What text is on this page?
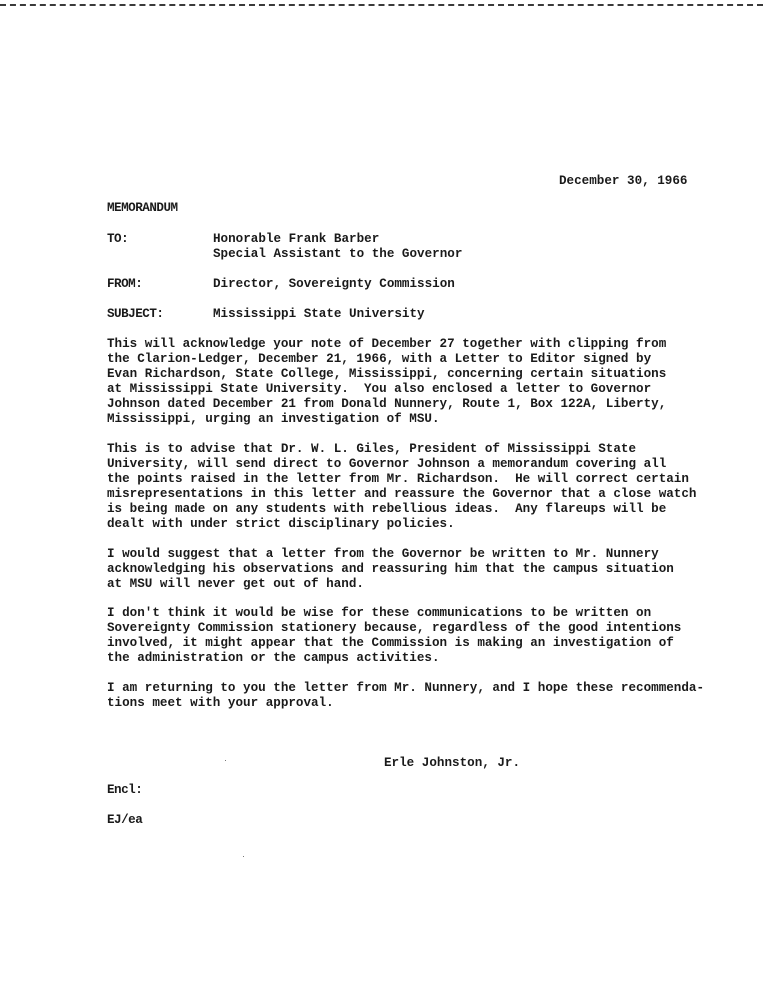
December 30, 1966
MEMORANDUM
TO:	Honorable Frank Barber
Special Assistant to the Governor
FROM:	Director, Sovereignty Commission
SUBJECT:	Mississippi State University
This will acknowledge your note of December 27 together with clipping from
the Clarion-Ledger, December 21, 1966, with a Letter to Editor signed by
Evan Richardson, State College, Mississippi, concerning certain situations
at Mississippi State University.  You also enclosed a letter to Governor
Johnson dated December 21 from Donald Nunnery, Route 1, Box 122A, Liberty,
Mississippi, urging an investigation of MSU.
This is to advise that Dr. W. L. Giles, President of Mississippi State
University, will send direct to Governor Johnson a memorandum covering all
the points raised in the letter from Mr. Richardson.  He will correct certain
misrepresentations in this letter and reassure the Governor that a close watch
is being made on any students with rebellious ideas.  Any flareups will be
dealt with under strict disciplinary policies.
I would suggest that a letter from the Governor be written to Mr. Nunnery
acknowledging his observations and reassuring him that the campus situation
at MSU will never get out of hand.
I don't think it would be wise for these communications to be written on
Sovereignty Commission stationery because, regardless of the good intentions
involved, it might appear that the Commission is making an investigation of
the administration or the campus activities.
I am returning to you the letter from Mr. Nunnery, and I hope these recommenda-
tions meet with your approval.
Erle Johnston, Jr.
Encl:
EJ/ea
